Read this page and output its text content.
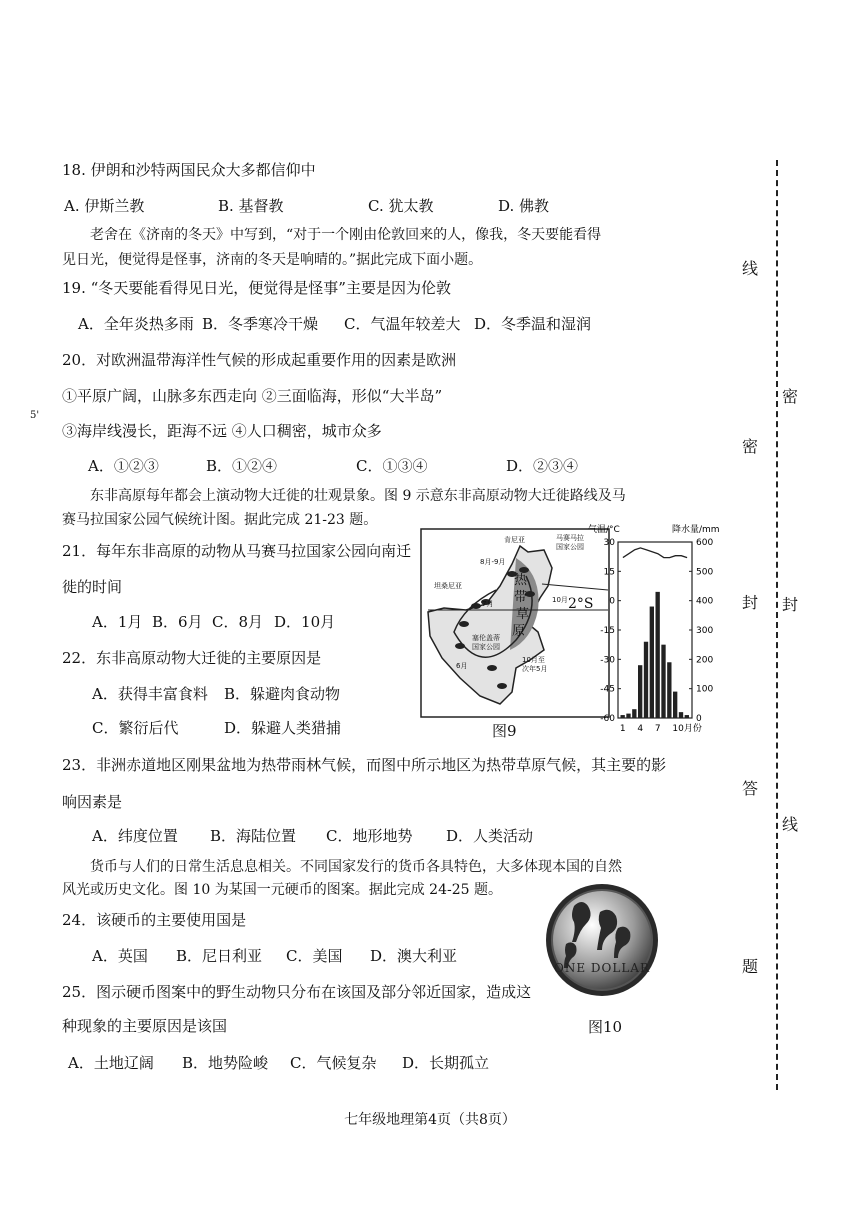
18. 伊朗和沙特两国民众大多都信仰中
A. 伊斯兰教	B. 基督教	C. 犹太教	D. 佛教
老舍在《济南的冬天》中写到，“对于一个刚由伦敦回来的人，像我，冬天要能看得
见日光，便觉得是怪事，济南的冬天是响晴的。”据此完成下面小题。
19. “冬天要能看得见日光，便觉得是怪事”主要是因为伦敦
A．全年炎热多雨 B．冬季寒冷干燥 C．气温年较差大 D．冬季温和湿润
20．对欧洲温带海洋性气候的形成起重要作用的因素是欧洲
①平原广阔，山脉多东西走向 ②三面临海，形似“大半岛”
③海岸线漫长，距海不远 ④人口稠密，城市众多
A．①②③	B．①②④	C．①③④	D．②③④
东非高原每年都会上演动物大迁徙的壮观景象。图 9 示意东非高原动物大迁徙路线及马
赛马拉国家公园气候统计图。据此完成 21-23 题。
21．每年东非高原的动物从马赛马拉国家公园向南迁
徙的时间
A．1月 B．6月 C．8月 D．10月
22．东非高原动物大迁徙的主要原因是
A．获得丰富食料 B．躲避肉食动物
C．繁衍后代	D．躲避人类猎捕
肯尼亚	马赛马拉
国家公园
8月-9月
坦桑尼亚
10月
7月
塞伦盖蒂
国家公园
6月
10月至
次年5月
热
带
草
原
2°S
气温/°C	降水量/mm
30
15
0
-15
-30
-45
-60
600
500
400
300
200
100
0
1 4 7 10月份
图9
23．非洲赤道地区刚果盆地为热带雨林气候，而图中所示地区为热带草原气候，其主要的影
响因素是
A．纬度位置 B．海陆位置 C．地形地势 D．人类活动
货币与人们的日常生活息息相关。不同国家发行的货币各具特色，大多体现本国的自然
风光或历史文化。图 10 为某国一元硬币的图案。据此完成 24-25 题。
24．该硬币的主要使用国是
A．英国 B．尼日利亚 C．美国 D．澳大利亚
ONE DOLLAR
25．图示硬币图案中的野生动物只分布在该国及部分邻近国家，造成这
种现象的主要原因是该国	图10
A．土地辽阔 B．地势险峻 C．气候复杂 D．长期孤立
线
密
封
答
题
密
封
线
5'
七年级地理第4页（共8页）
